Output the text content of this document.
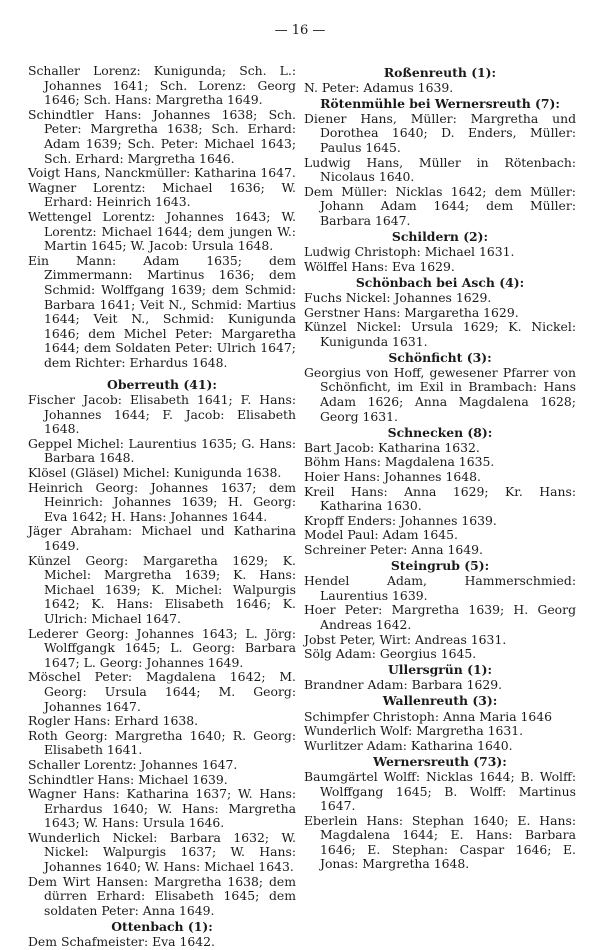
— 16 —

Schaller Lorenz: Kunigunda; Sch. L.: Johannes 1641; Sch. Lorenz: Georg 1646; Sch. Hans: Margretha 1649.

Schindtler Hans: Johannes 1638; Sch. Peter: Margretha 1638; Sch. Erhard: Adam 1639; Sch. Peter: Michael 1643; Sch. Erhard: Margretha 1646.

Voigt Hans, Nanckmüller: Katharina 1647.

Wagner Lorentz: Michael 1636; W. Erhard: Heinrich 1643.

Wettengel Lorentz: Johannes 1643; W. Lorentz: Michael 1644; dem jungen W.: Martin 1645; W. Jacob: Ursula 1648.

Ein Mann: Adam 1635; dem Zimmermann: Martinus 1636; dem Schmid: Wolffgang 1639; dem Schmid: Barbara 1641; Veit N., Schmid: Martius 1644; Veit N., Schmid: Kunigunda 1646; dem Michel Peter: Margaretha 1644; dem Soldaten Peter: Ulrich 1647; dem Richter: Erhardus 1648.

Oberreuth (41):

Fischer Jacob: Elisabeth 1641; F. Hans: Johannes 1644; F. Jacob: Elisabeth 1648.

Geppel Michel: Laurentius 1635; G. Hans: Barbara 1648.

Klösel (Gläsel) Michel: Kunigunda 1638.

Heinrich Georg: Johannes 1637; dem Heinrich: Johannes 1639; H. Georg: Eva 1642; H. Hans: Johannes 1644.

Jäger Abraham: Michael und Katharina 1649.

Künzel Georg: Margaretha 1629; K. Michel: Margretha 1639; K. Hans: Michael 1639; K. Michel: Walpurgis 1642; K. Hans: Elisabeth 1646; K. Ulrich: Michael 1647.

Lederer Georg: Johannes 1643; L. Jörg: Wolffgangk 1645; L. Georg: Barbara 1647; L. Georg: Johannes 1649.

Möschel Peter: Magdalena 1642; M. Georg: Ursula 1644; M. Georg: Johannes 1647.

Rogler Hans: Erhard 1638.

Roth Georg: Margretha 1640; R. Georg: Elisabeth 1641.

Schaller Lorentz: Johannes 1647.

Schindtler Hans: Michael 1639.

Wagner Hans: Katharina 1637; W. Hans: Erhardus 1640; W. Hans: Margretha 1643; W. Hans: Ursula 1646.

Wunderlich Nickel: Barbara 1632; W. Nickel: Walpurgis 1637; W. Hans: Johannes 1640; W. Hans: Michael 1643.

Dem Wirt Hansen: Margretha 1638; dem dürren Erhard: Elisabeth 1645; dem soldaten Peter: Anna 1649.

Ottenbach (1):

Dem Schafmeister: Eva 1642.

Roßenreuth (1):

N. Peter: Adamus 1639.

Rötenmühle bei Wernersreuth (7):

Diener Hans, Müller: Margretha und Dorothea 1640; D. Enders, Müller: Paulus 1645.

Ludwig Hans, Müller in Rötenbach: Nicolaus 1640.

Dem Müller: Nicklas 1642; dem Müller: Johann Adam 1644; dem Müller: Barbara 1647.

Schildern (2):

Ludwig Christoph: Michael 1631.

Wölffel Hans: Eva 1629.

Schönbach bei Asch (4):

Fuchs Nickel: Johannes 1629.

Gerstner Hans: Margaretha 1629.

Künzel Nickel: Ursula 1629; K. Nickel: Kunigunda 1631.

Schönficht (3):

Georgius von Hoff, gewesener Pfarrer von Schönficht, im Exil in Brambach: Hans Adam 1626; Anna Magdalena 1628; Georg 1631.

Schnecken (8):

Bart Jacob: Katharina 1632.

Böhm Hans: Magdalena 1635.

Hoier Hans: Johannes 1648.

Kreil Hans: Anna 1629; Kr. Hans: Katharina 1630.

Kropff Enders: Johannes 1639.

Model Paul: Adam 1645.

Schreiner Peter: Anna 1649.

Steingrub (5):

Hendel Adam, Hammerschmied: Laurentius 1639.

Hoer Peter: Margretha 1639; H. Georg Andreas 1642.

Jobst Peter, Wirt: Andreas 1631.

Sölg Adam: Georgius 1645.

Ullersgrün (1):

Brandner Adam: Barbara 1629.

Wallenreuth (3):

Schimpfer Christoph: Anna Maria 1646

Wunderlich Wolf: Margretha 1631.

Wurlitzer Adam: Katharina 1640.

Wernersreuth (73):

Baumgärtel Wolff: Nicklas 1644; B. Wolff: Wolffgang 1645; B. Wolff: Martinus 1647.

Eberlein Hans: Stephan 1640; E. Hans: Magdalena 1644; E. Hans: Barbara 1646; E. Stephan: Caspar 1646; E. Jonas: Margretha 1648.
